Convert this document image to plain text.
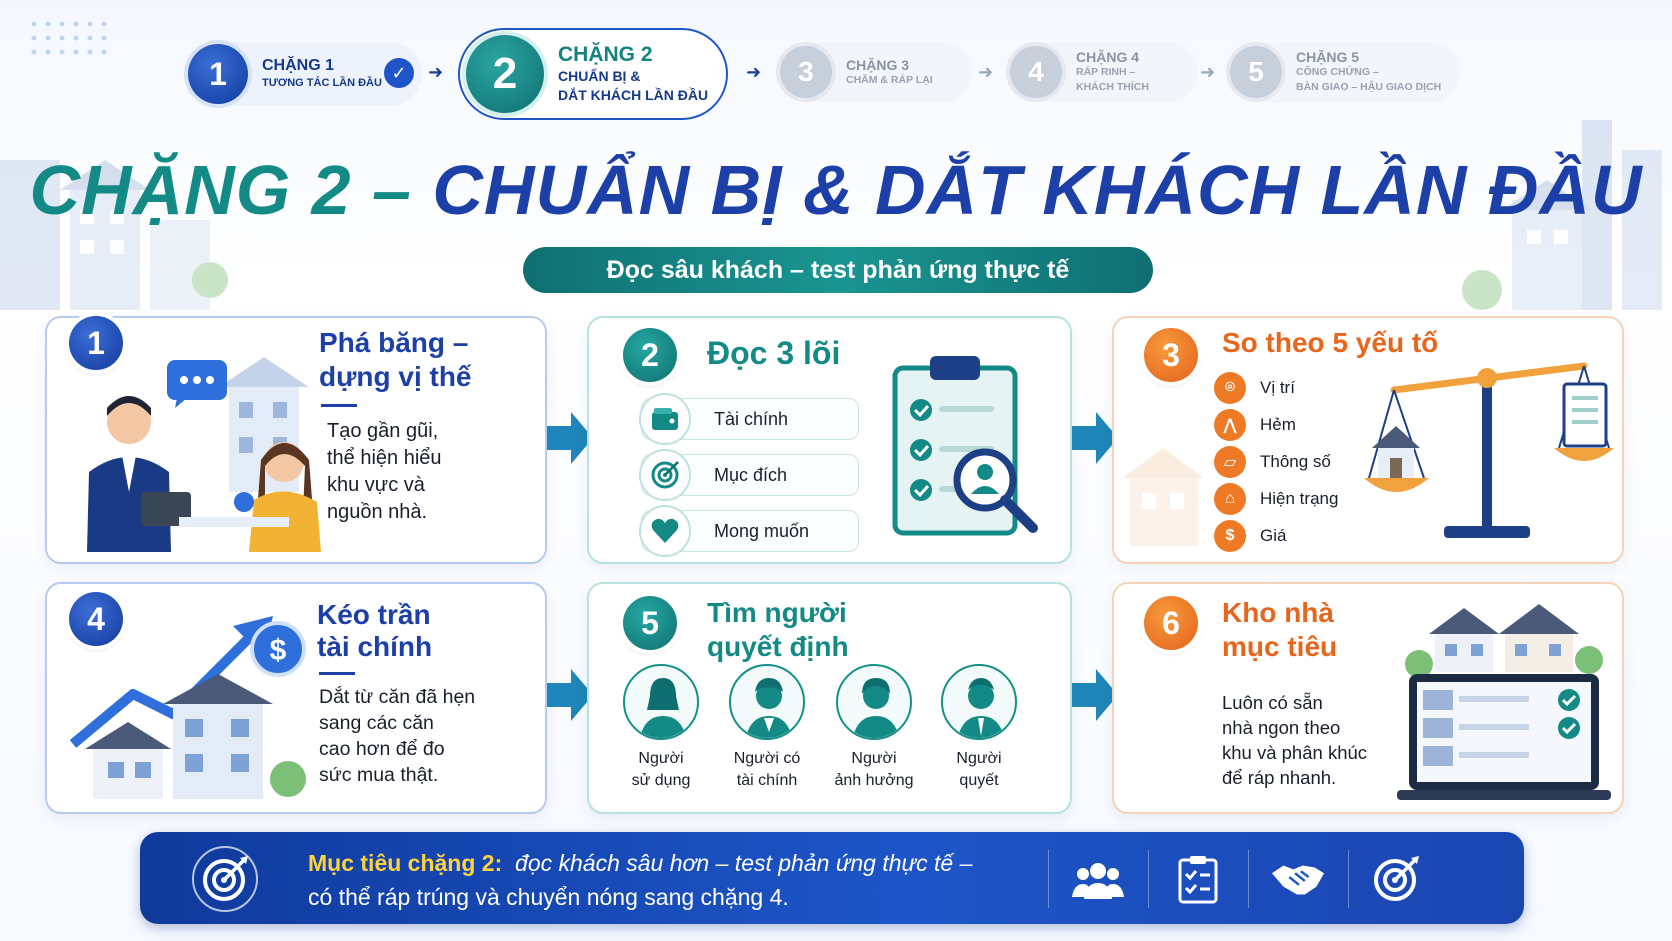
1	CHẶNG 1
TƯƠNG TÁC LẦN ĐẦU
✓	➜	2	CHẶNG 2
CHUẨN BỊ &
DẮT KHÁCH LẦN ĐẦU
➜	3	CHẶNG 3
CHĂM & RÁP LẠI	➜	4	CHẶNG 4
RÁP RINH –
KHÁCH THÍCH
➜	5	CHẶNG 5
CÔNG CHỨNG –
BÀN GIAO – HẬU GIAO DỊCH
CHẶNG 2 – CHUẨN BỊ & DẮT KHÁCH LẦN ĐẦU
Đọc sâu khách – test phản ứng thực tế
1	Phá băng –
dựng vị thế
Tạo gần gũi,
thể hiện hiểu
khu vực và
nguồn nhà.
2	Đọc 3 lõi
Tài chính
Mục đích
Mong muốn
3	So theo 5 yếu tố
⌾	Vị trí
⋀	Hẻm
▱	Thông số
⌂	Hiện trạng
$	Giá
4
$
Kéo trần
tài chính
Dắt từ căn đã hẹn
sang các căn
cao hơn để đo
sức mua thật.
5	Tìm người
quyết định
Người
sử dụng
Người có
tài chính
Người
ảnh hưởng
Người
quyết
6	Kho nhà
mục tiêu
Luôn có sẵn
nhà ngon theo
khu và phân khúc
để ráp nhanh.
Mục tiêu chặng 2: đọc khách sâu hơn – test phản ứng thực tế –
có thể ráp trúng và chuyển nóng sang chặng 4.
